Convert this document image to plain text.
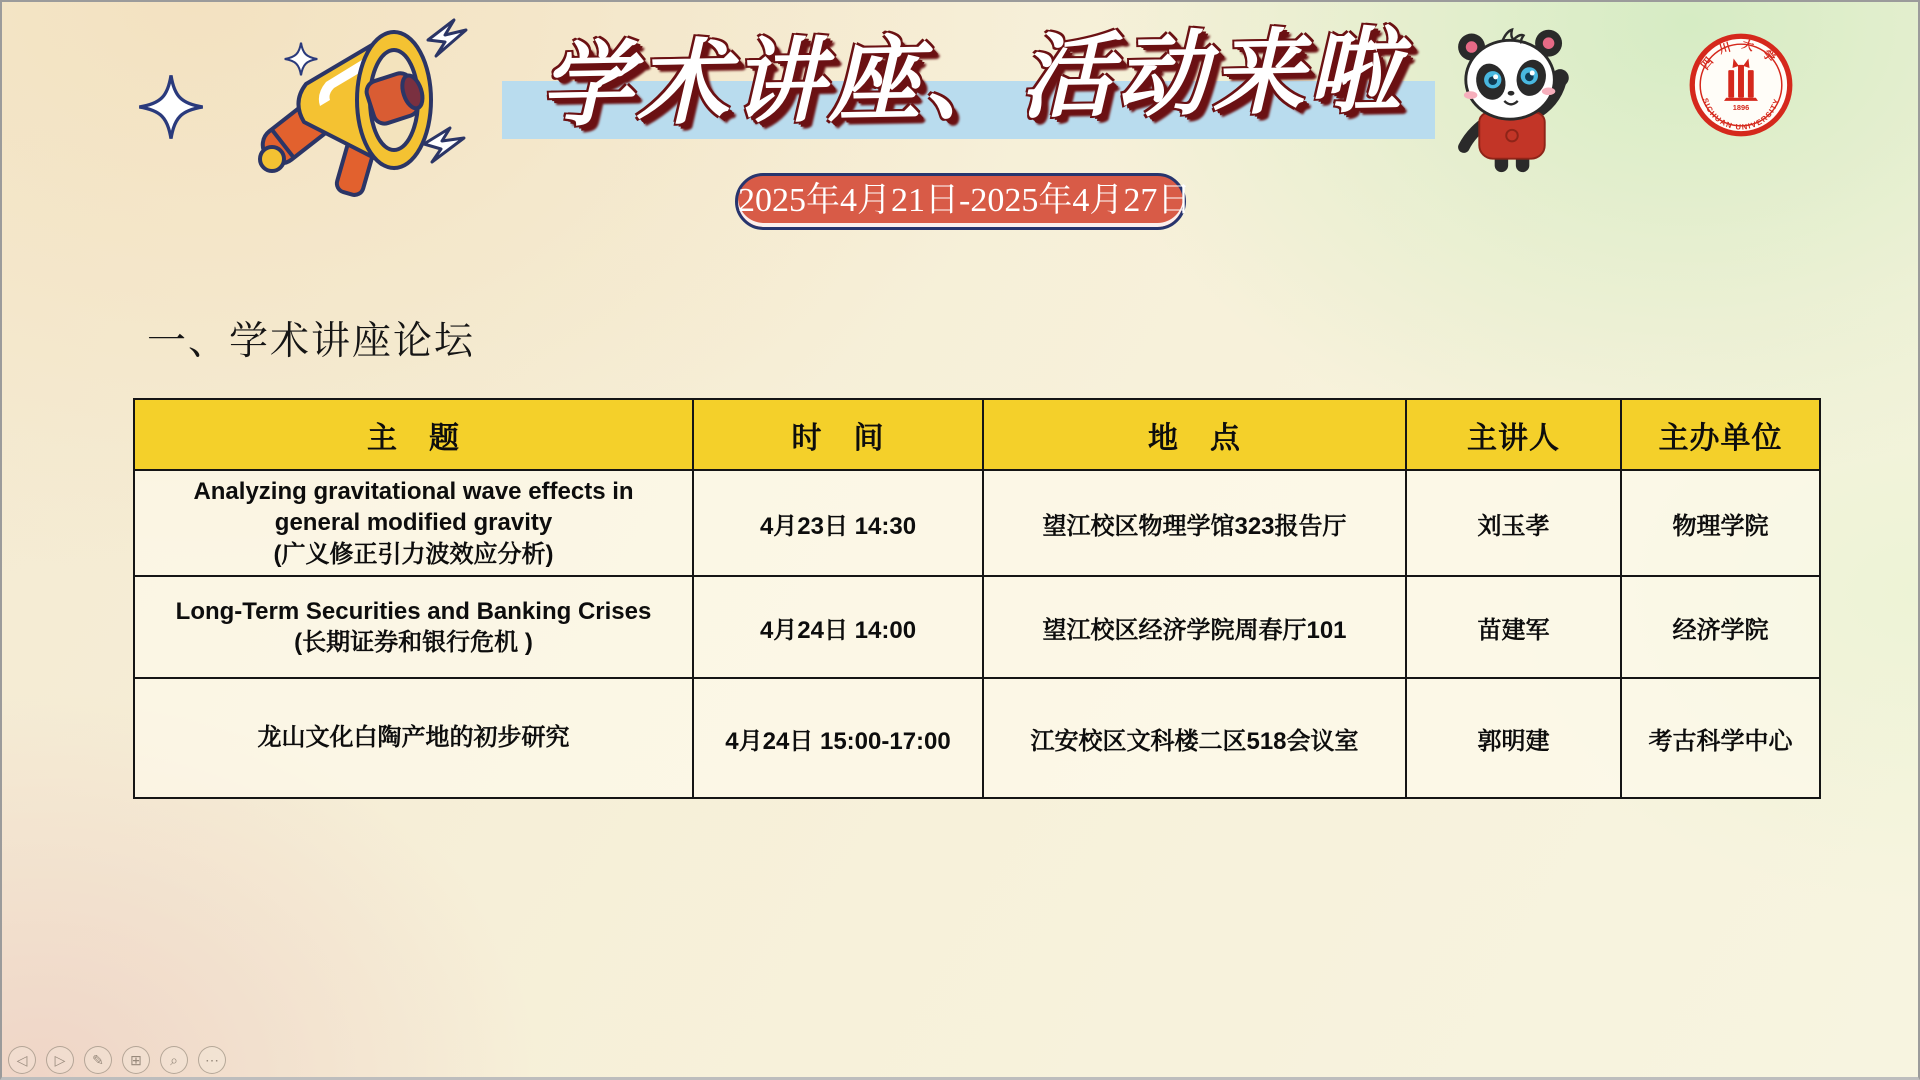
学术讲座、活动来啦
2025年4月21日-2025年4月27日
四川大学
1896
SICHUAN UNIVERSITY
一、学术讲座论坛
主　题	时　间	地　点	主讲人	主办单位

Analyzing gravitational wave effects in general modified gravity
(广义修正引力波效应分析)	4月23日 14:30	望江校区物理学馆323报告厅	刘玉孝	物理学院

Long-Term Securities and Banking Crises
(长期证券和银行危机 )	4月24日 14:00	望江校区经济学院周春厅101	苗建军	经济学院

龙山文化白陶产地的初步研究	4月24日 15:00-17:00	江安校区文科楼二区518会议室	郭明建	考古科学中心
◁	▷	✎	⊞	⌕	⋯
